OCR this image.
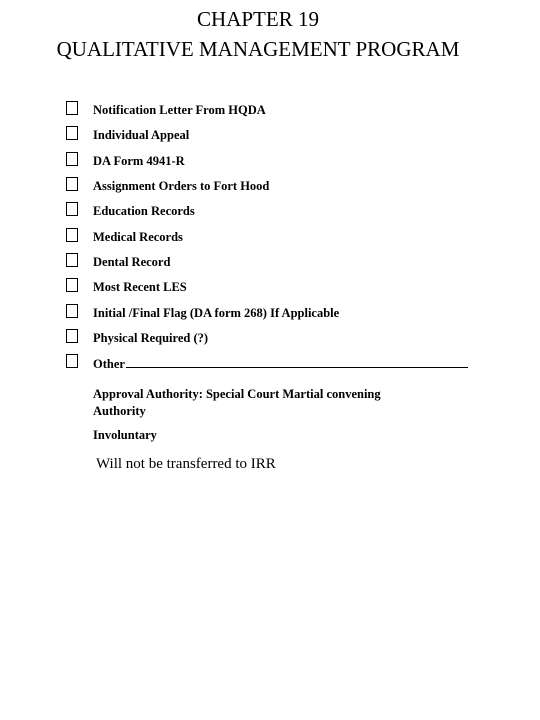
CHAPTER 19
QUALITATIVE MANAGEMENT PROGRAM
Notification Letter From HQDA
Individual Appeal
DA Form 4941-R
Assignment Orders to Fort Hood
Education Records
Medical Records
Dental Record
Most Recent LES
Initial /Final Flag (DA form 268) If Applicable
Physical Required (?)
Other
Approval Authority: Special Court Martial convening Authority
Involuntary
Will not be transferred to IRR
